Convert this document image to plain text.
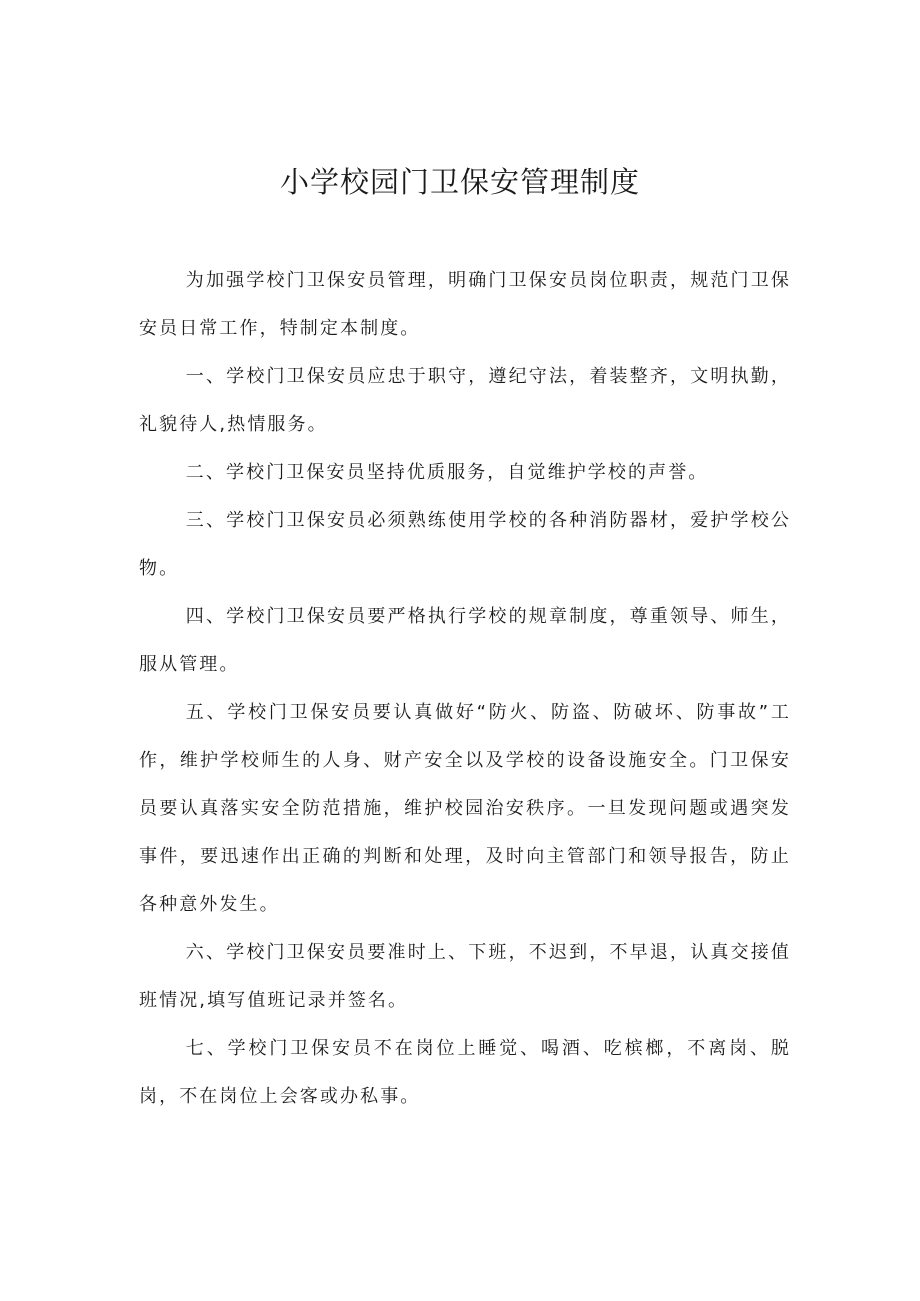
小学校园门卫保安管理制度

为加强学校门卫保安员管理，明确门卫保安员岗位职责，规范门卫保安员日常工作，特制定本制度。

一、学校门卫保安员应忠于职守，遵纪守法，着装整齐，文明执勤，礼貌待人,热情服务。

二、学校门卫保安员坚持优质服务，自觉维护学校的声誉。

三、学校门卫保安员必须熟练使用学校的各种消防器材，爱护学校公物。

四、学校门卫保安员要严格执行学校的规章制度，尊重领导、师生，服从管理。

五、学校门卫保安员要认真做好“防火、防盗、防破坏、防事故”工作，维护学校师生的人身、财产安全以及学校的设备设施安全。门卫保安员要认真落实安全防范措施，维护校园治安秩序。一旦发现问题或遇突发事件，要迅速作出正确的判断和处理，及时向主管部门和领导报告，防止各种意外发生。

六、学校门卫保安员要准时上、下班，不迟到，不早退，认真交接值班情况,填写值班记录并签名。

七、学校门卫保安员不在岗位上睡觉、喝酒、吃槟榔，不离岗、脱岗，不在岗位上会客或办私事。
